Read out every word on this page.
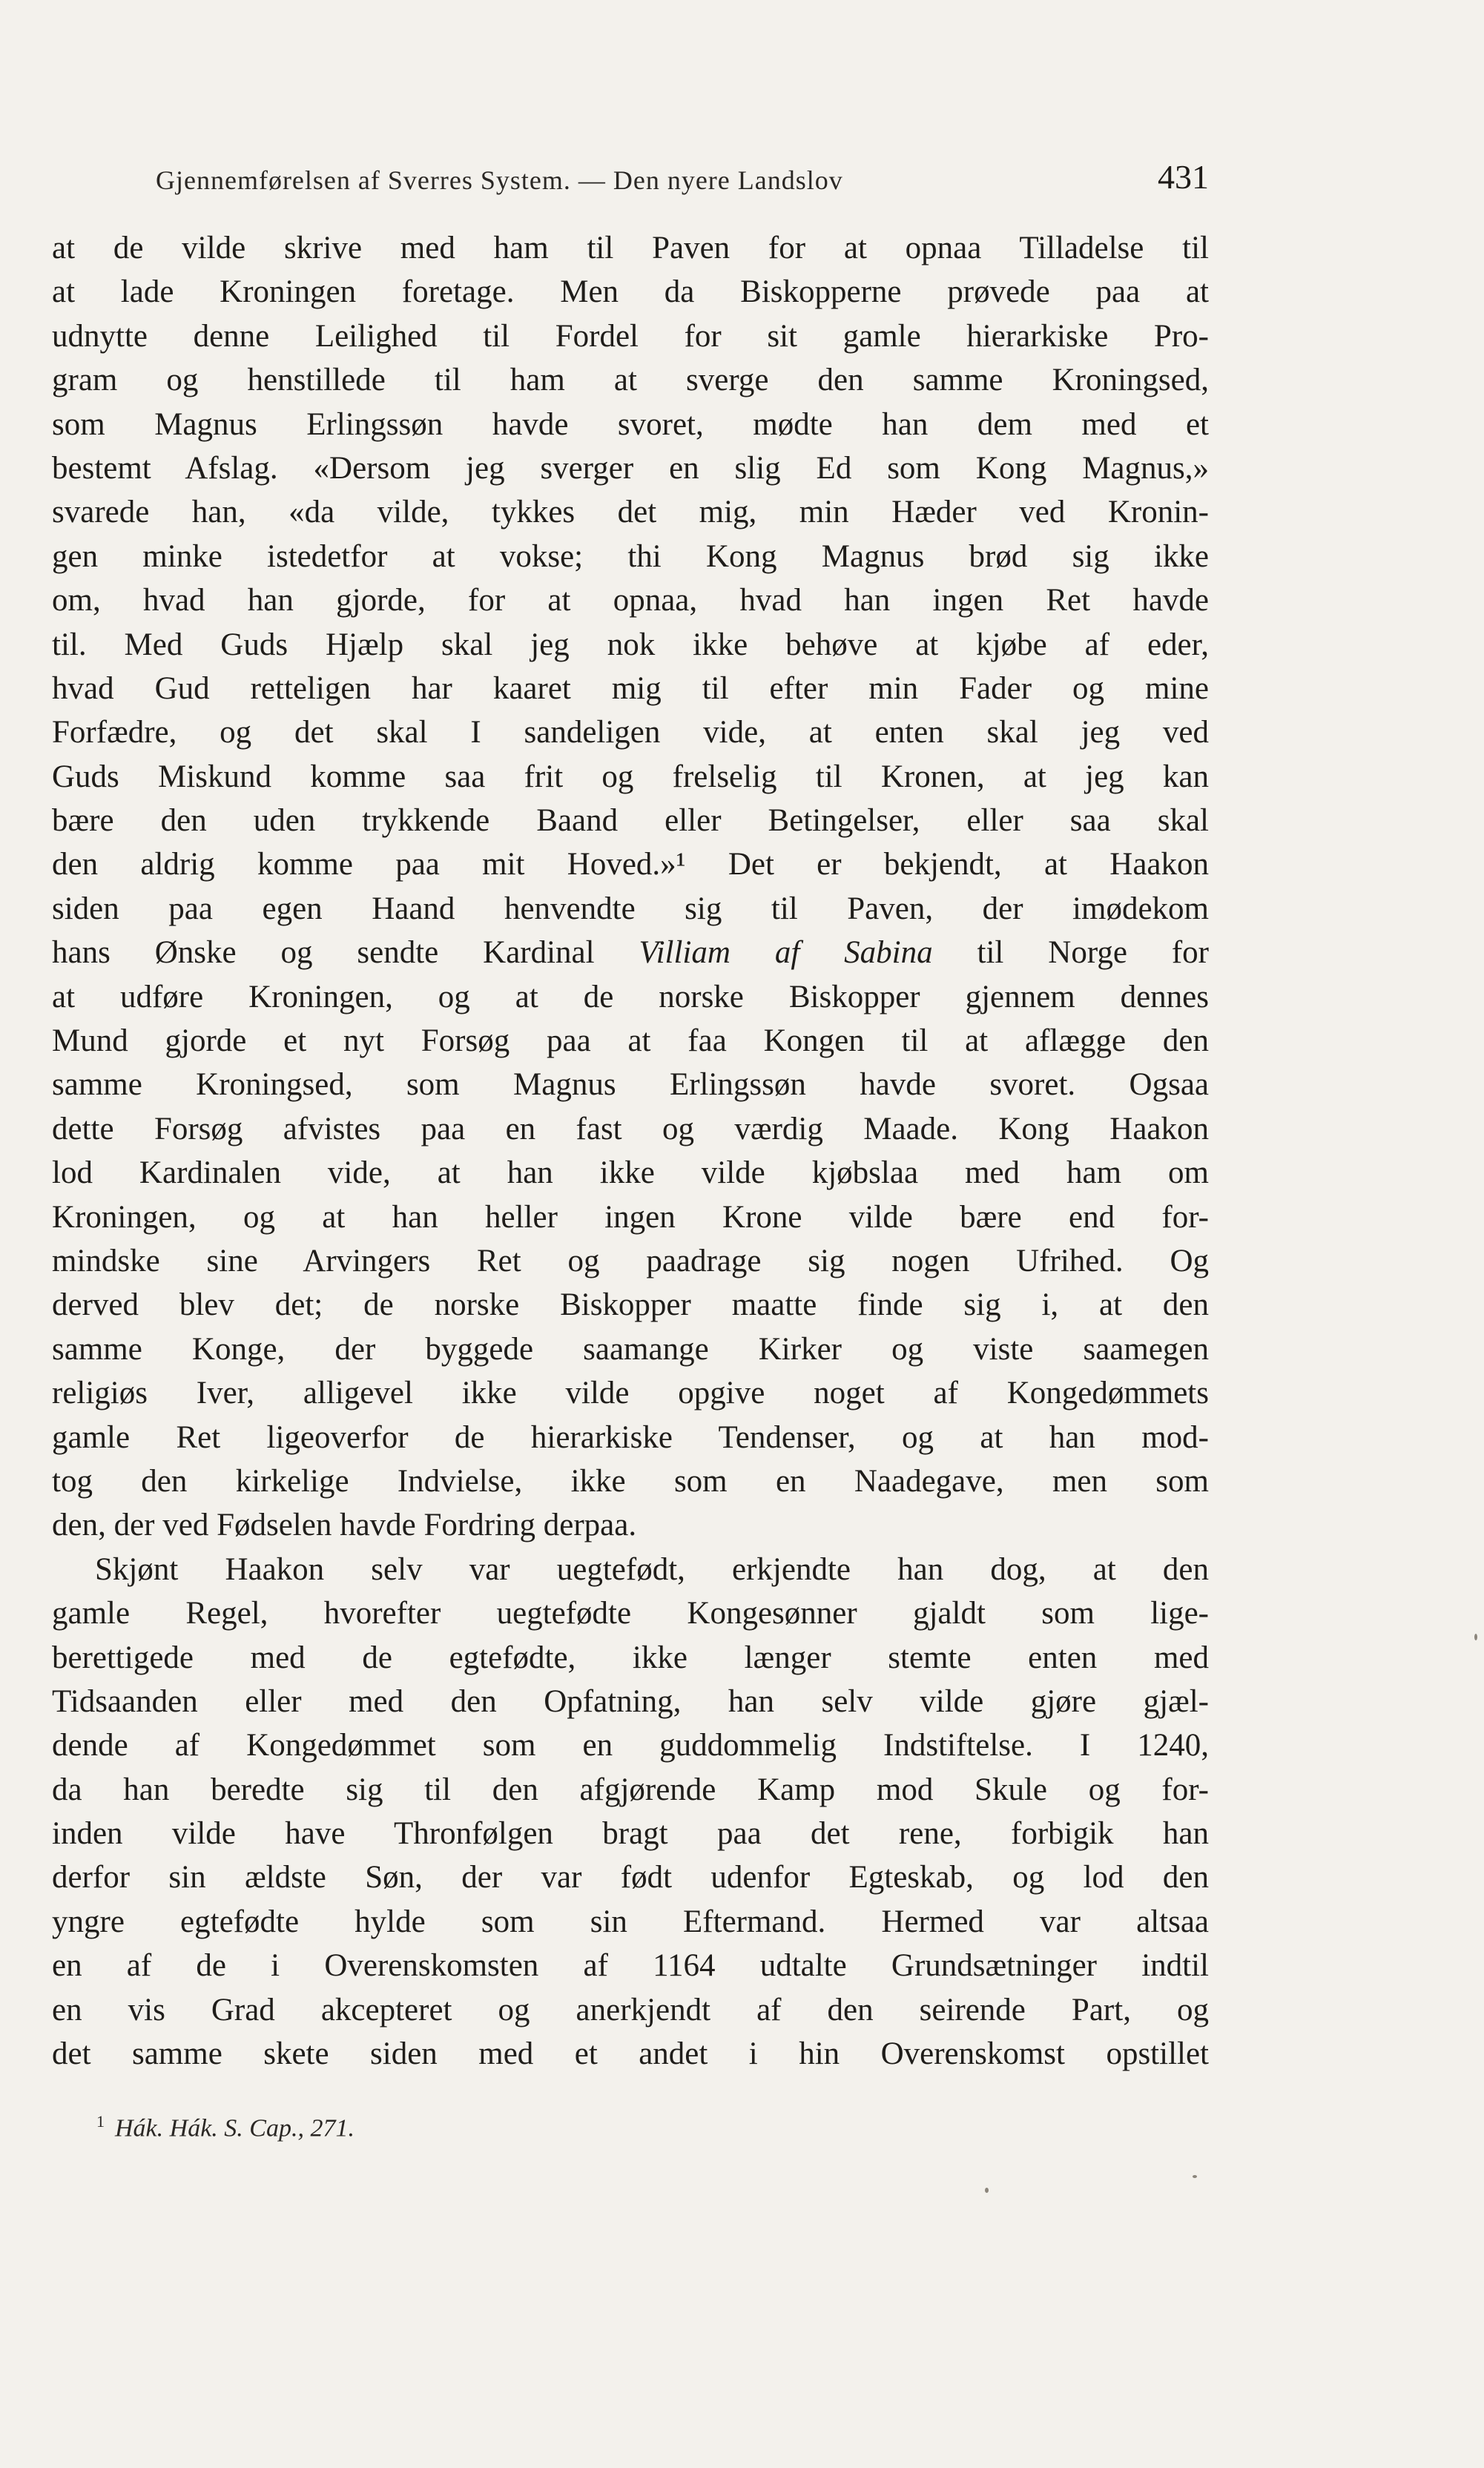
Gjennemførelsen af Sverres System. — Den nyere Landslov	431
at de vilde skrive med ham til Paven for at opnaa Tilladelse til
at lade Kroningen foretage. Men da Biskopperne prøvede paa at
udnytte denne Leilighed til Fordel for sit gamle hierarkiske Pro-
gram og henstillede til ham at sverge den samme Kroningsed,
som Magnus Erlingssøn havde svoret, mødte han dem med et
bestemt Afslag. «Dersom jeg sverger en slig Ed som Kong Magnus,»
svarede han, «da vilde, tykkes det mig, min Hæder ved Kronin-
gen minke istedetfor at vokse; thi Kong Magnus brød sig ikke
om, hvad han gjorde, for at opnaa, hvad han ingen Ret havde
til. Med Guds Hjælp skal jeg nok ikke behøve at kjøbe af eder,
hvad Gud retteligen har kaaret mig til efter min Fader og mine
Forfædre, og det skal I sandeligen vide, at enten skal jeg ved
Guds Miskund komme saa frit og frelselig til Kronen, at jeg kan
bære den uden trykkende Baand eller Betingelser, eller saa skal
den aldrig komme paa mit Hoved.»¹ Det er bekjendt, at Haakon
siden paa egen Haand henvendte sig til Paven, der imødekom
hans Ønske og sendte Kardinal Villiam af Sabina til Norge for
at udføre Kroningen, og at de norske Biskopper gjennem dennes
Mund gjorde et nyt Forsøg paa at faa Kongen til at aflægge den
samme Kroningsed, som Magnus Erlingssøn havde svoret. Ogsaa
dette Forsøg afvistes paa en fast og værdig Maade. Kong Haakon
lod Kardinalen vide, at han ikke vilde kjøbslaa med ham om
Kroningen, og at han heller ingen Krone vilde bære end for-
mindske sine Arvingers Ret og paadrage sig nogen Ufrihed. Og
derved blev det; de norske Biskopper maatte finde sig i, at den
samme Konge, der byggede saamange Kirker og viste saamegen
religiøs Iver, alligevel ikke vilde opgive noget af Kongedømmets
gamle Ret ligeoverfor de hierarkiske Tendenser, og at han mod-
tog den kirkelige Indvielse, ikke som en Naadegave, men som
den, der ved Fødselen havde Fordring derpaa.
Skjønt Haakon selv var uegtefødt, erkjendte han dog, at den
gamle Regel, hvorefter uegtefødte Kongesønner gjaldt som lige-
berettigede med de egtefødte, ikke længer stemte enten med
Tidsaanden eller med den Opfatning, han selv vilde gjøre gjæl-
dende af Kongedømmet som en guddommelig Indstiftelse. I 1240,
da han beredte sig til den afgjørende Kamp mod Skule og for-
inden vilde have Thronfølgen bragt paa det rene, forbigik han
derfor sin ældste Søn, der var født udenfor Egteskab, og lod den
yngre egtefødte hylde som sin Eftermand. Hermed var altsaa
en af de i Overenskomsten af 1164 udtalte Grundsætninger indtil
en vis Grad akcepteret og anerkjendt af den seirende Part, og
det samme skete siden med et andet i hin Overenskomst opstillet
$^1$ Hák. Hák. S. Cap., 271.
